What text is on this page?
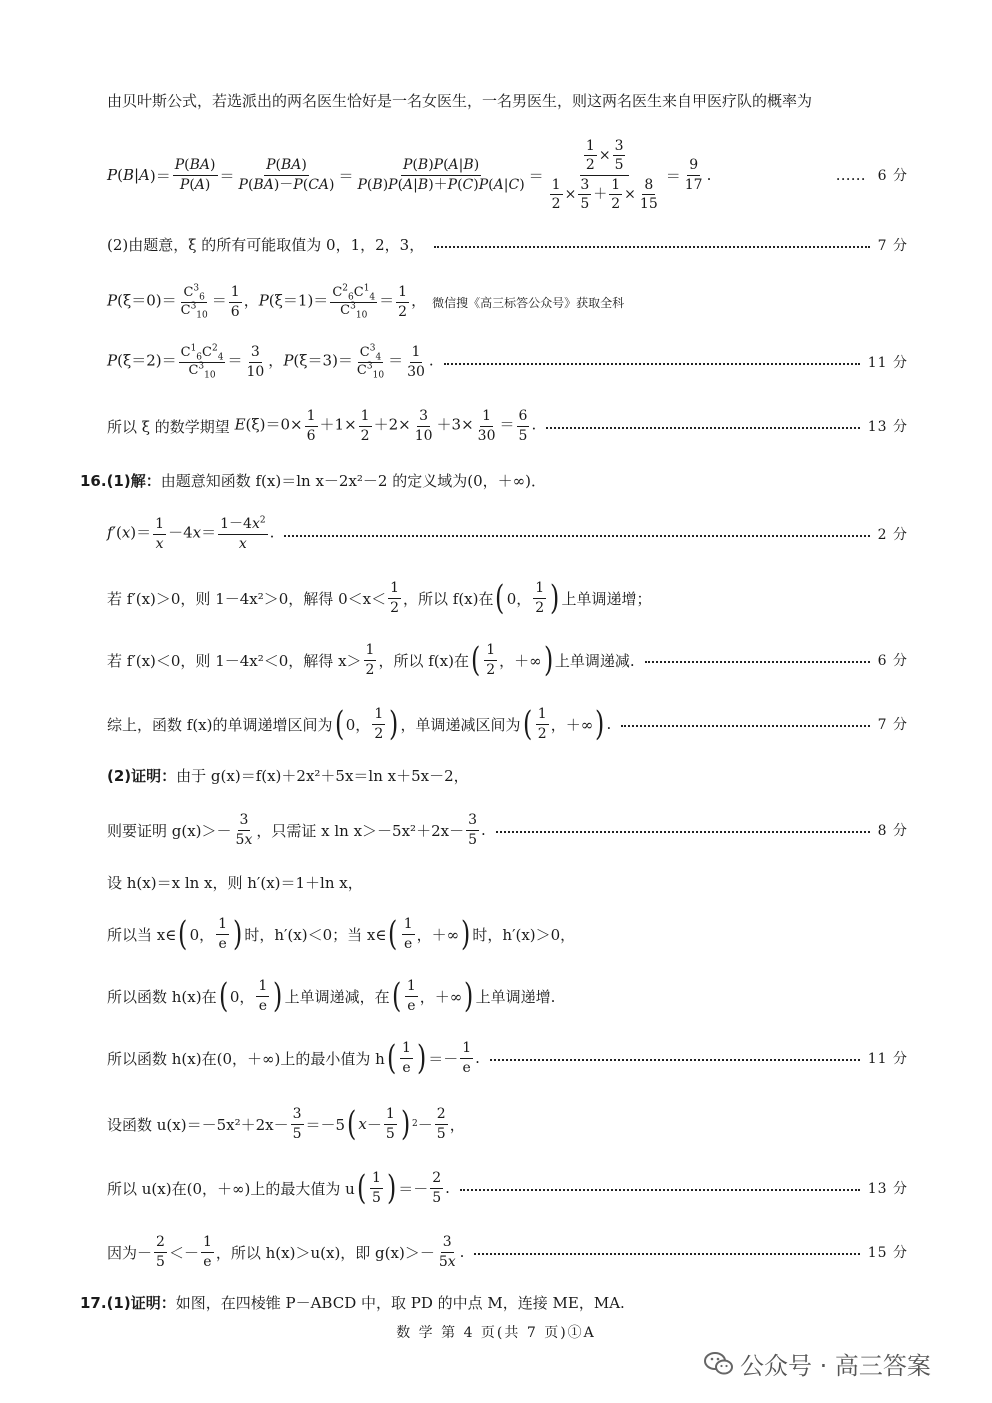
由贝叶斯公式，若选派出的两名医生恰好是一名女医生，一名男医生，则这两名医生来自甲医疗队的概率为
P ( B | A )＝ $\frac{P(BA)}{P(A)} = \frac{P(BA)}{P(BA)-P(CA)} = \frac{P(B)P(A|B)}{P(B)P(A|B)+P(C)P(A|C)} = \frac{\frac{1}{2} \times \frac{3}{5}}{\frac{1}{2} \times \frac{3}{5} + \frac{1}{2} \times \frac{8}{15}} = \frac{9}{17}$ .	…… 6 分
(2)由题意，ξ 的所有可能取值为 0，1，2，3，	7 分
$P(\xi=0)= \frac{C^3_6}{C^3_{10}} = \frac{1}{6}$ ，$P(\xi=1)= \frac{C^2_6C^1_4}{C^3_{10}} = \frac{1}{2}$ ， 微信搜《高三标答公众号》获取全科
$P(\xi=2)= \frac{C^1_6C^2_4}{C^3_{10}} = \frac{3}{10}$ ，$P(\xi=3)= \frac{C^3_4}{C^3_{10}} = \frac{1}{30}$ .	11 分
所以 ξ 的数学期望 $E(\xi)=0\times \frac{1}{6} +1\times \frac{1}{2} +2\times \frac{3}{10} +3\times \frac{1}{30} = \frac{6}{5}$ .	13 分
16.(1)解： 由题意知函数 f(x)＝ln x－2x²－2 的定义域为(0，＋∞)．
$f'(x)= \frac{1}{x} -4x= \frac{1-4x^2}{x}$ .	2 分
若 f′(x)＞0，则 1－4x²＞0，解得 $0<x< \frac{1}{2}$ ，所以 f(x)在 ( 0， $\frac{1}{2}$ ) 上单调递增；
若 f′(x)＜0，则 1－4x²＜0，解得 $x> \frac{1}{2}$ ，所以 f(x)在 ( $\frac{1}{2}$ ，＋∞ ) 上单调递减.	6 分
综上，函数 f(x)的单调递增区间为 ( 0， $\frac{1}{2}$ ) ，单调递减区间为 ( $\frac{1}{2}$ ，＋∞ ) .	7 分
(2)证明： 由于 g(x)＝f(x)＋2x²＋5x＝ln x＋5x－2，
则要证明 $g(x)>- \frac{3}{5x}$ ，只需证 x $\ln x>-5x^2+2x- \frac{3}{5}$ .	8 分
设 h(x)＝x ln x，则 h′(x)＝1＋ln x，
所以当 x∈ ( 0， $\frac{1}{e}$ ) 时，h′(x)＜0；当 x∈ ( $\frac{1}{e}$ ，＋∞ ) 时，h′(x)＞0，
所以函数 h(x)在 ( 0， $\frac{1}{e}$ ) 上单调递减，在 ( $\frac{1}{e}$ ，＋∞ ) 上单调递增.
所以函数 h(x)在(0，＋∞)上的最小值为 h ( $\frac{1}{e}$ ) ＝－ $\frac{1}{e}$ .	11 分
设函数 $u(x)=-5x^2+2x- \frac{3}{5} =-5$ ( $x - \frac{1}{5}$ ) $2 - \frac{2}{5}$ ，
所以 u(x)在(0，＋∞)上的最大值为 u ( $\frac{1}{5}$ ) ＝－ $\frac{2}{5}$ .	13 分
因为－ $\frac{2}{5} <- \frac{1}{e}$ ，所以 h(x)＞u(x)，即 $g(x)>- \frac{3}{5x}$ .	15 分
17.(1)证明： 如图，在四棱锥 P－ABCD 中，取 PD 的中点 M，连接 ME，MA.
数 学 第 4 页(共 7 页)①A
公众号 · 高三答案
